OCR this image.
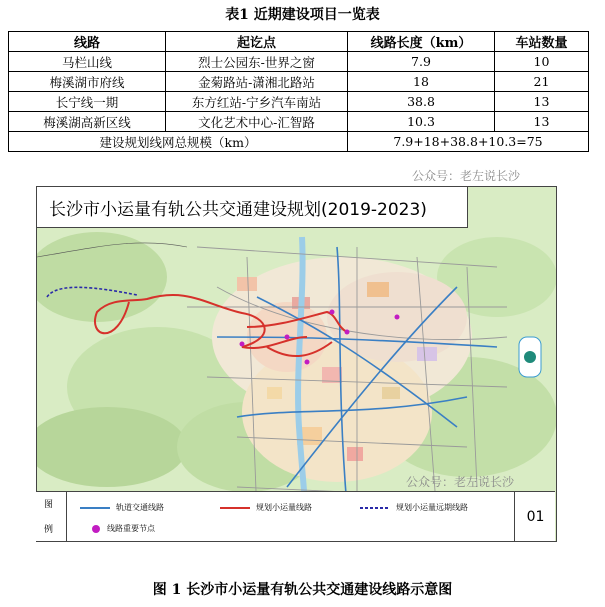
表1 近期建设项目一览表
线路	起讫点	线路长度（km）	车站数量
马栏山线	烈士公园东-世界之窗	7.9	10
梅溪湖市府线	金菊路站-潇湘北路站	18	21
长宁线一期	东方红站-宁乡汽车南站	38.8	13
梅溪湖高新区线	文化艺术中心-汇智路	10.3	13
建设规划线网总规模（km）		7.9+18+38.8+10.3=75	
长沙市小运量有轨公共交通建设规划(2019-2023)
公众号：老左说长沙
公众号：老左说长沙
图
例
轨道交通线路	规划小运量线路	规划小运量远期线路
线路重要节点
01
图 1 长沙市小运量有轨公共交通建设线路示意图
